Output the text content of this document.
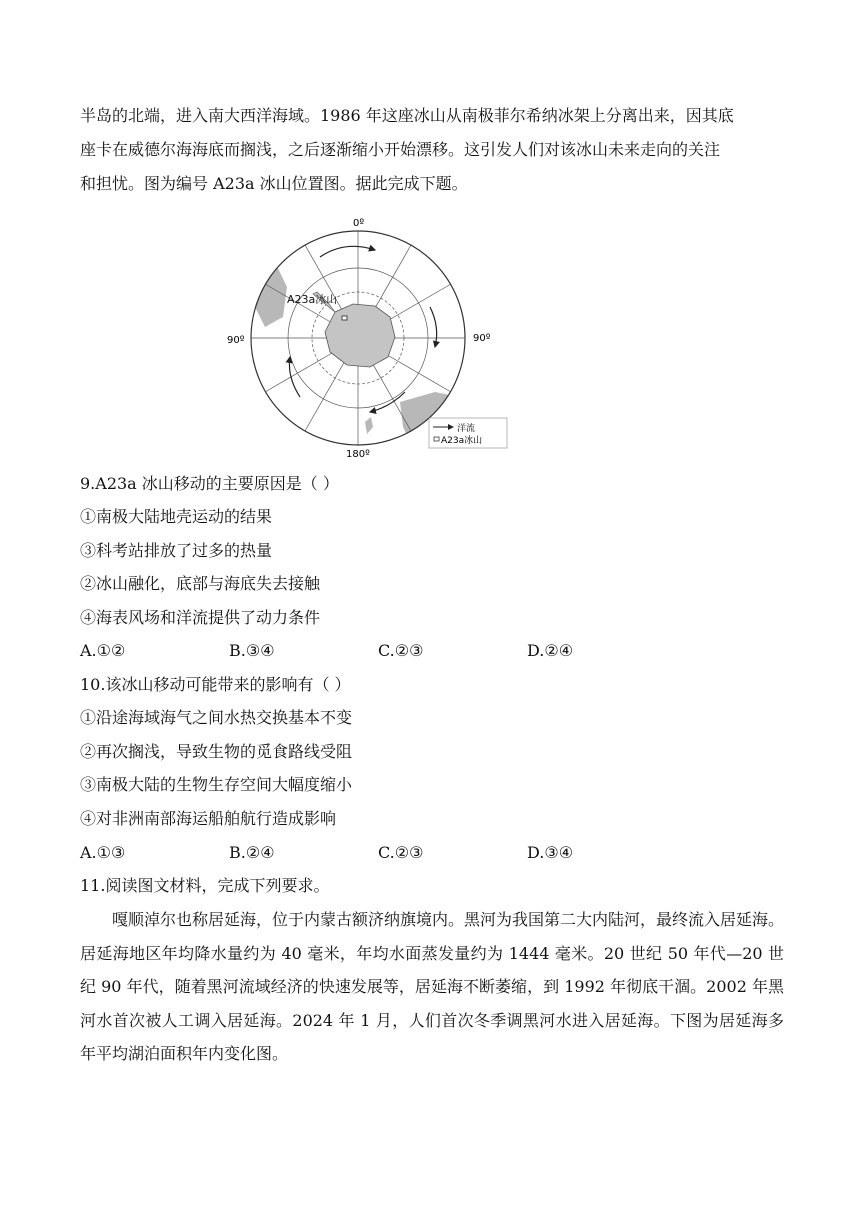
半岛的北端，进入南大西洋海域。1986 年这座冰山从南极菲尔希纳冰架上分离出来，因其底
座卡在威德尔海海底而搁浅，之后逐渐缩小开始漂移。这引发人们对该冰山未来走向的关注
和担忧。图为编号 A23a 冰山位置图。据此完成下题。
0º
90º	90º
180º
A23a冰山
洋流
A23a冰山
9.A23a 冰山移动的主要原因是（ ）
①南极大陆地壳运动的结果
③科考站排放了过多的热量
②冰山融化，底部与海底失去接触
④海表风场和洋流提供了动力条件
A.①②	B.③④	C.②③	D.②④
10.该冰山移动可能带来的影响有（ ）
①沿途海域海气之间水热交换基本不变
②再次搁浅，导致生物的觅食路线受阻
③南极大陆的生物生存空间大幅度缩小
④对非洲南部海运船舶航行造成影响
A.①③	B.②④	C.②③	D.③④
11.阅读图文材料，完成下列要求。
嘎顺淖尔也称居延海，位于内蒙古额济纳旗境内。黑河为我国第二大内陆河，最终流入居延海。居延海地区年均降水量约为 40 毫米，年均水面蒸发量约为 1444 毫米。20 世纪 50 年代—20 世纪 90 年代，随着黑河流域经济的快速发展等，居延海不断萎缩，到 1992 年彻底干涸。2002 年黑河水首次被人工调入居延海。2024 年 1 月，人们首次冬季调黑河水进入居延海。下图为居延海多年平均湖泊面积年内变化图。
